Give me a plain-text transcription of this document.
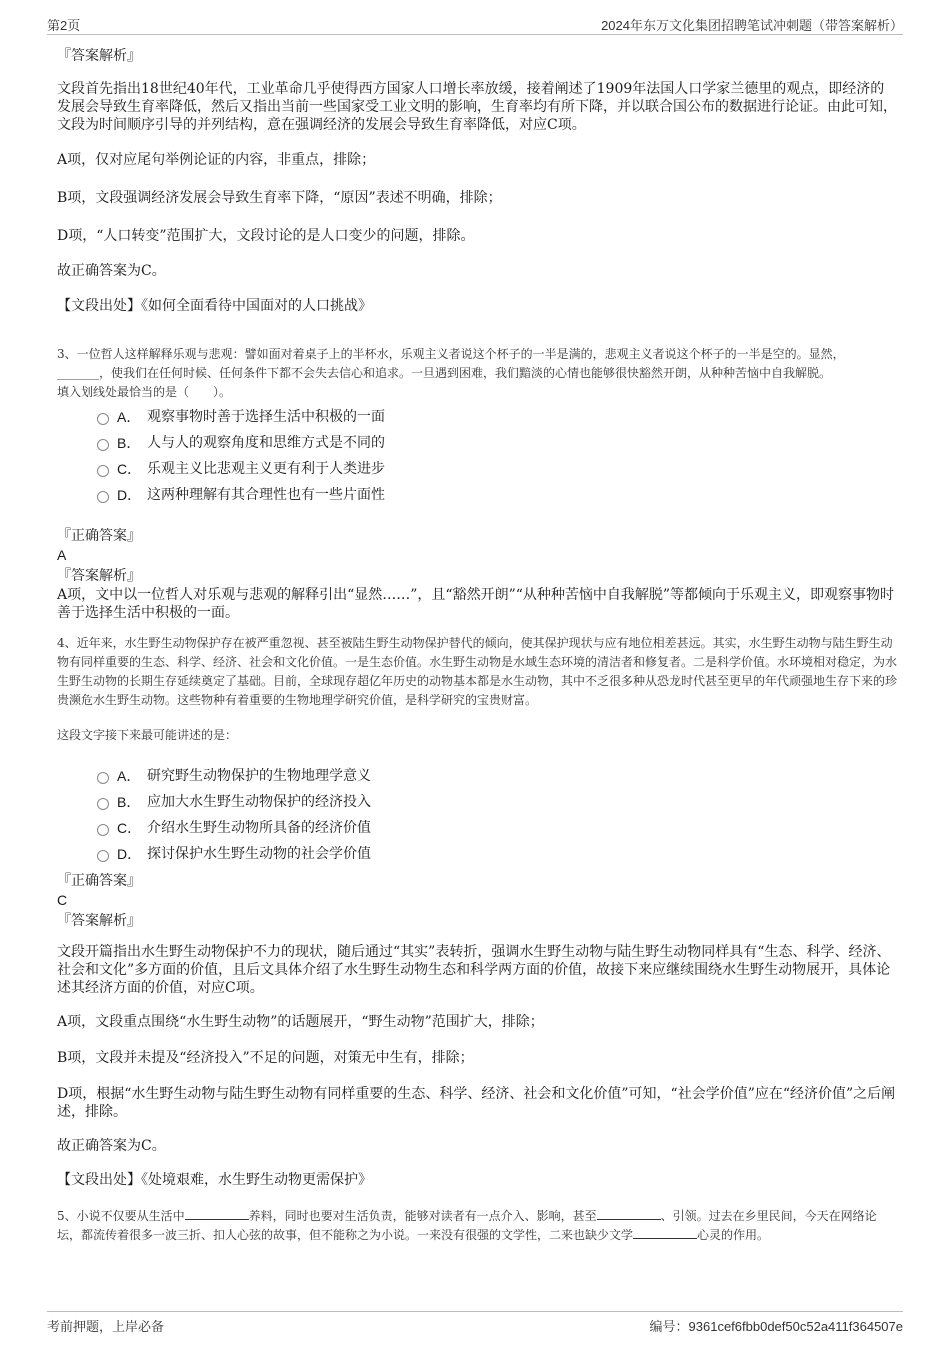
第2页	2024年东万文化集团招聘笔试冲刺题（带答案解析）

『答案解析』

文段首先指出18世纪40年代，工业革命几乎使得西方国家人口增长率放缓，接着阐述了1909年法国人口学家兰德里的观点，即经济的发展会导致生育率降低，然后又指出当前一些国家受工业文明的影响，生育率均有所下降，并以联合国公布的数据进行论证。由此可知，文段为时间顺序引导的并列结构，意在强调经济的发展会导致生育率降低，对应C项。

A项，仅对应尾句举例论证的内容，非重点，排除；

B项，文段强调经济发展会导致生育率下降，“原因”表述不明确，排除；

D项，“人口转变”范围扩大，文段讨论的是人口变少的问题，排除。

故正确答案为C。

【文段出处】《如何全面看待中国面对的人口挑战》

3、一位哲人这样解释乐观与悲观：譬如面对着桌子上的半杯水，乐观主义者说这个杯子的一半是满的，悲观主义者说这个杯子的一半是空的。显然，_______，使我们在任何时候、任何条件下都不会失去信心和追求。一旦遇到困难，我们黯淡的心情也能够很快豁然开朗，从种种苦恼中自我解脱。

填入划线处最恰当的是（　　）。

A． 观察事物时善于选择生活中积极的一面
B． 人与人的观察角度和思维方式是不同的
C． 乐观主义比悲观主义更有利于人类进步
D． 这两种理解有其合理性也有一些片面性

『正确答案』

A

『答案解析』

A项，文中以一位哲人对乐观与悲观的解释引出“显然……”，且“豁然开朗”“从种种苦恼中自我解脱”等都倾向于乐观主义，即观察事物时善于选择生活中积极的一面。

4、近年来，水生野生动物保护存在被严重忽视、甚至被陆生野生动物保护替代的倾向，使其保护现状与应有地位相差甚远。其实，水生野生动物与陆生野生动物有同样重要的生态、科学、经济、社会和文化价值。一是生态价值。水生野生动物是水域生态环境的清洁者和修复者。二是科学价值。水环境相对稳定，为水生野生动物的长期生存延续奠定了基础。目前，全球现存超亿年历史的动物基本都是水生动物，其中不乏很多种从恐龙时代甚至更早的年代顽强地生存下来的珍贵濒危水生野生动物。这些物种有着重要的生物地理学研究价值，是科学研究的宝贵财富。

这段文字接下来最可能讲述的是：

A． 研究野生动物保护的生物地理学意义
B． 应加大水生野生动物保护的经济投入
C． 介绍水生野生动物所具备的经济价值
D． 探讨保护水生野生动物的社会学价值

『正确答案』

C

『答案解析』

文段开篇指出水生野生动物保护不力的现状，随后通过“其实”表转折，强调水生野生动物与陆生野生动物同样具有“生态、科学、经济、社会和文化”多方面的价值，且后文具体介绍了水生野生动物生态和科学两方面的价值，故接下来应继续围绕水生野生动物展开，具体论述其经济方面的价值，对应C项。

A项，文段重点围绕“水生野生动物”的话题展开，“野生动物”范围扩大，排除；

B项，文段并未提及“经济投入”不足的问题，对策无中生有，排除；

D项，根据“水生野生动物与陆生野生动物有同样重要的生态、科学、经济、社会和文化价值”可知，“社会学价值”应在“经济价值”之后阐述，排除。

故正确答案为C。

【文段出处】《处境艰难，水生野生动物更需保护》

5、小说不仅要从生活中	养料，同时也要对生活负责，能够对读者有一点介入、影响，甚至	、引领。过去在乡里民间，今天在网络论坛，都流传着很多一波三折、扣人心弦的故事，但不能称之为小说。一来没有很强的文学性，二来也缺少文学	心灵的作用。

考前押题，上岸必备	编号：9361cef6fbb0def50c52a411f364507e
